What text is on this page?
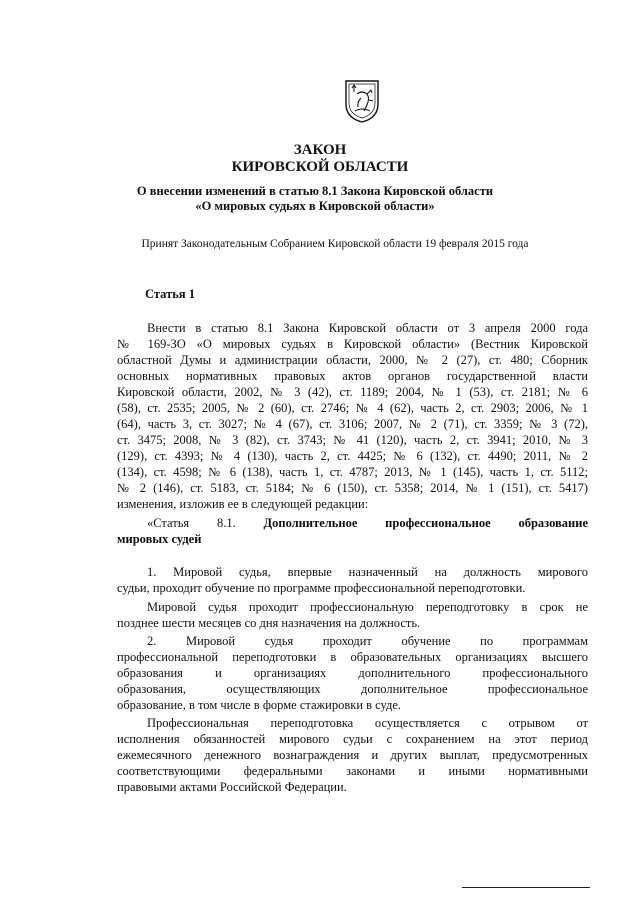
ЗАКОН
КИРОВСКОЙ ОБЛАСТИ
О внесении изменений в статью 8.1 Закона Кировской области
«О мировых судьях в Кировской области»
Принят Законодательным Собранием Кировской области 19 февраля 2015 года
Статья 1
Внести в статью 8.1 Закона Кировской области от 3 апреля 2000 года
№ 169-ЗО «О мировых судьях в Кировской области» (Вестник Кировской
областной Думы и администрации области, 2000, № 2 (27), ст. 480; Сборник
основных нормативных правовых актов органов государственной власти
Кировской области, 2002, № 3 (42), ст. 1189; 2004, № 1 (53), ст. 2181; № 6
(58), ст. 2535; 2005, № 2 (60), ст. 2746; № 4 (62), часть 2, ст. 2903; 2006, № 1
(64), часть 3, ст. 3027; № 4 (67), ст. 3106; 2007, № 2 (71), ст. 3359; № 3 (72),
ст. 3475; 2008, № 3 (82), ст. 3743; № 41 (120), часть 2, ст. 3941; 2010, № 3
(129), ст. 4393; № 4 (130), часть 2, ст. 4425; № 6 (132), ст. 4490; 2011, № 2
(134), ст. 4598; № 6 (138), часть 1, ст. 4787; 2013, № 1 (145), часть 1, ст. 5112;
№ 2 (146), ст. 5183, ст. 5184; № 6 (150), ст. 5358; 2014, № 1 (151), ст. 5417)
изменения, изложив ее в следующей редакции:
«Статья 8.1. Дополнительное профессиональное образование
мировых судей
1. Мировой судья, впервые назначенный на должность мирового
судьи, проходит обучение по программе профессиональной переподготовки.
Мировой судья проходит профессиональную переподготовку в срок не
позднее шести месяцев со дня назначения на должность.
2. Мировой судья проходит обучение по программам
профессиональной переподготовки в образовательных организациях высшего
образования и организациях дополнительного профессионального
образования, осуществляющих дополнительное профессиональное
образование, в том числе в форме стажировки в суде.
Профессиональная переподготовка осуществляется с отрывом от
исполнения обязанностей мирового судьи с сохранением на этот период
ежемесячного денежного вознаграждения и других выплат, предусмотренных
соответствующими федеральными законами и иными нормативными
правовыми актами Российской Федерации.
